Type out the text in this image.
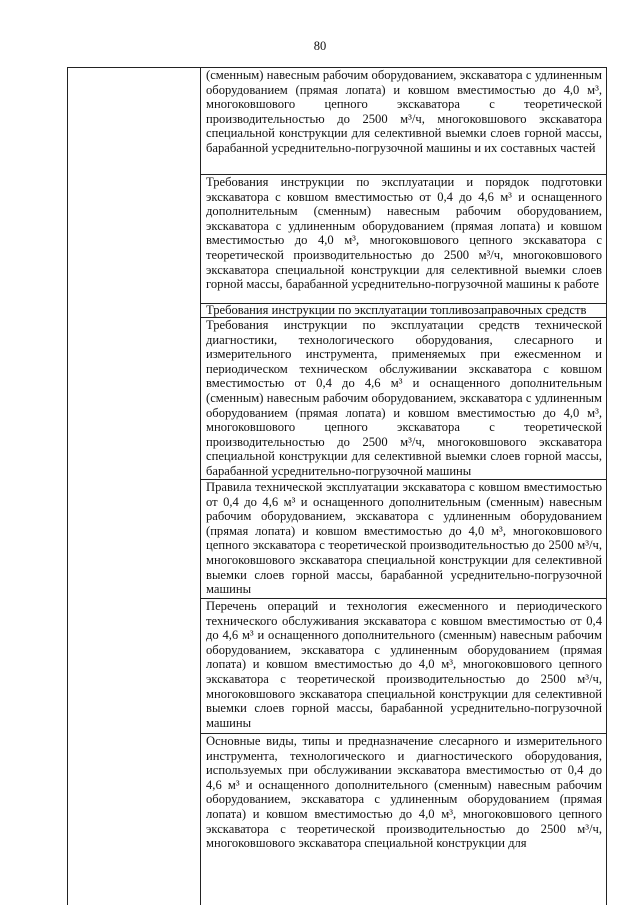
80

(сменным) навесным рабочим оборудованием, экскаватора с удлиненным оборудованием (прямая лопата) и ковшом вместимостью до 4,0 м³, многоковшового цепного экскаватора с теоретической производительностью до 2500 м³/ч, многоковшового экскаватора специальной конструкции для селективной выемки слоев горной массы, барабанной усреднительно-погрузочной машины и их составных частей

Требования инструкции по эксплуатации и порядок подготовки экскаватора с ковшом вместимостью от 0,4 до 4,6 м³ и оснащенного дополнительным (сменным) навесным рабочим оборудованием, экскаватора с удлиненным оборудованием (прямая лопата) и ковшом вместимостью до 4,0 м³, многоковшового цепного экскаватора с теоретической производительностью до 2500 м³/ч, многоковшового экскаватора специальной конструкции для селективной выемки слоев горной массы, барабанной усреднительно-погрузочной машины к работе

Требования инструкции по эксплуатации топливозаправочных средств

Требования инструкции по эксплуатации средств технической диагностики, технологического оборудования, слесарного и измерительного инструмента, применяемых при ежесменном и периодическом техническом обслуживании экскаватора с ковшом вместимостью от 0,4 до 4,6 м³ и оснащенного дополнительным (сменным) навесным рабочим оборудованием, экскаватора с удлиненным оборудованием (прямая лопата) и ковшом вместимостью до 4,0 м³, многоковшового цепного экскаватора с теоретической производительностью до 2500 м³/ч, многоковшового экскаватора специальной конструкции для селективной выемки слоев горной массы, барабанной усреднительно-погрузочной машины

Правила технической эксплуатации экскаватора с ковшом вместимостью от 0,4 до 4,6 м³ и оснащенного дополнительным (сменным) навесным рабочим оборудованием, экскаватора с удлиненным оборудованием (прямая лопата) и ковшом вместимостью до 4,0 м³, многоковшового цепного экскаватора с теоретической производительностью до 2500 м³/ч, многоковшового экскаватора специальной конструкции для селективной выемки слоев горной массы, барабанной усреднительно-погрузочной машины

Перечень операций и технология ежесменного и периодического технического обслуживания экскаватора с ковшом вместимостью от 0,4 до 4,6 м³ и оснащенного дополнительного (сменным) навесным рабочим оборудованием, экскаватора с удлиненным оборудованием (прямая лопата) и ковшом вместимостью до 4,0 м³, многоковшового цепного экскаватора с теоретической производительностью до 2500 м³/ч, многоковшового экскаватора специальной конструкции для селективной выемки слоев горной массы, барабанной усреднительно-погрузочной машины

Основные виды, типы и предназначение слесарного и измерительного инструмента, технологического и диагностического оборудования, используемых при обслуживании экскаватора вместимостью от 0,4 до 4,6 м³ и оснащенного дополнительного (сменным) навесным рабочим оборудованием, экскаватора с удлиненным оборудованием (прямая лопата) и ковшом вместимостью до 4,0 м³, многоковшового цепного экскаватора с теоретической производительностью до 2500 м³/ч, многоковшового экскаватора специальной конструкции для
